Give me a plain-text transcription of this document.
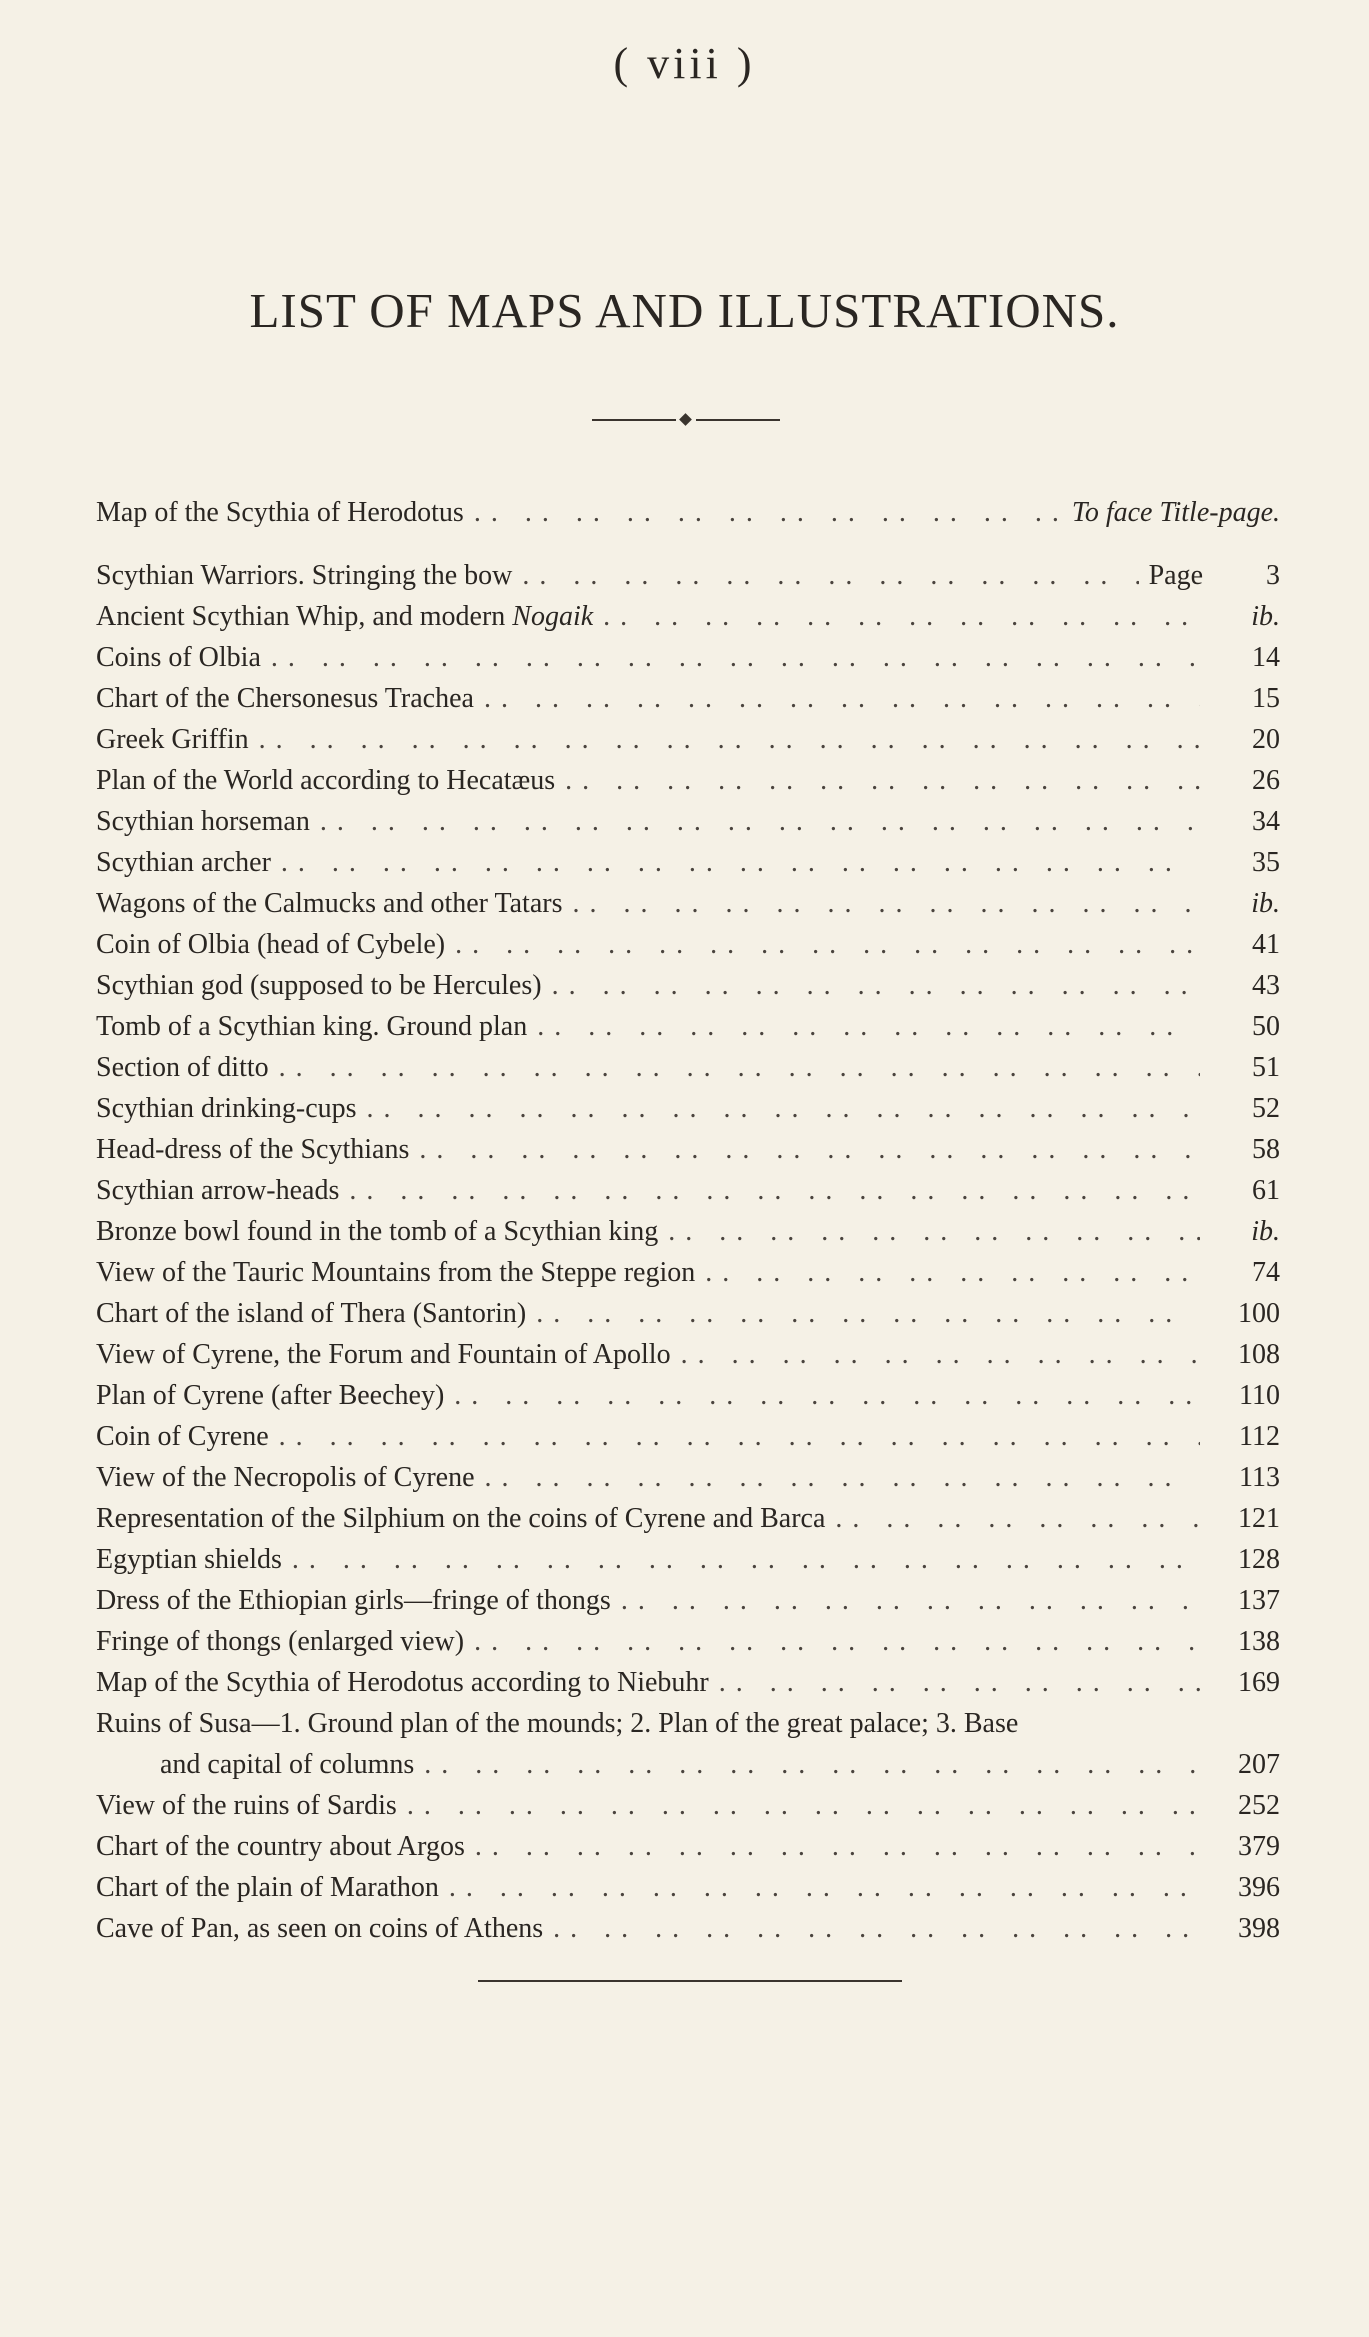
( viii )
LIST OF MAPS AND ILLUSTRATIONS.
Map of the Scythia of Herodotus .. ..	To face Title-page.
Scythian Warriors. Stringing the bow .. ..	Page 3
Ancient Scythian Whip, and modern Nogaik .. ..	ib.
Coins of Olbia .. ..	14
Chart of the Chersonesus Trachea .. ..	15
Greek Griffin .. ..	20
Plan of the World according to Hecatæus .. ..	26
Scythian horseman .. ..	34
Scythian archer .. ..	35
Wagons of the Calmucks and other Tatars .. ..	ib.
Coin of Olbia (head of Cybele) .. ..	41
Scythian god (supposed to be Hercules) .. ..	43
Tomb of a Scythian king. Ground plan .. ..	50
Section of ditto .. ..	51
Scythian drinking-cups .. ..	52
Head-dress of the Scythians .. ..	58
Scythian arrow-heads .. ..	61
Bronze bowl found in the tomb of a Scythian king .. ..	ib.
View of the Tauric Mountains from the Steppe region .. ..	74
Chart of the island of Thera (Santorin) .. ..	100
View of Cyrene, the Forum and Fountain of Apollo .. ..	108
Plan of Cyrene (after Beechey) .. ..	110
Coin of Cyrene .. ..	112
View of the Necropolis of Cyrene .. ..	113
Representation of the Silphium on the coins of Cyrene and Barca .. ..	121
Egyptian shields .. ..	128
Dress of the Ethiopian girls—fringe of thongs .. ..	137
Fringe of thongs (enlarged view) .. ..	138
Map of the Scythia of Herodotus according to Niebuhr .. ..	169
Ruins of Susa—1. Ground plan of the mounds; 2. Plan of the great palace; 3. Base
and capital of columns .. ..	207
View of the ruins of Sardis .. ..	252
Chart of the country about Argos .. ..	379
Chart of the plain of Marathon .. ..	396
Cave of Pan, as seen on coins of Athens .. ..	398
